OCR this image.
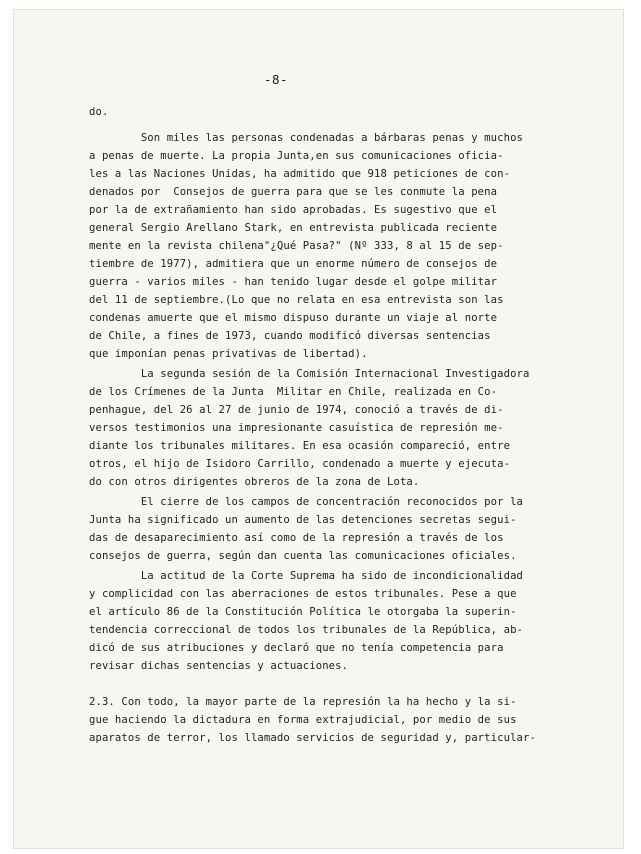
-8-
do.
Son miles las personas condenadas a bárbaras penas y muchos
a penas de muerte. La propia Junta,en sus comunicaciones oficia-
les a las Naciones Unidas, ha admitido que 918 peticiones de con-
denados por  Consejos de guerra para que se les conmute la pena
por la de extrañamiento han sido aprobadas. Es sugestivo que el
general Sergio Arellano Stark, en entrevista publicada reciente
mente en la revista chilena"¿Qué Pasa?" (Nº 333, 8 al 15 de sep-
tiembre de 1977), admitiera que un enorme número de consejos de
guerra - varios miles - han tenido lugar desde el golpe militar
del 11 de septiembre.(Lo que no relata en esa entrevista son las
condenas amuerte que el mismo dispuso durante un viaje al norte
de Chile, a fines de 1973, cuando modificó diversas sentencias
que imponían penas privativas de libertad).
La segunda sesión de la Comisión Internacional Investigadora
de los Crímenes de la Junta  Militar en Chile, realizada en Co-
penhague, del 26 al 27 de junio de 1974, conoció a través de di-
versos testimonios una impresionante casuística de represión me-
diante los tribunales militares. En esa ocasión compareció, entre
otros, el hijo de Isidoro Carrillo, condenado a muerte y ejecuta-
do con otros dirigentes obreros de la zona de Lota.
El cierre de los campos de concentración reconocidos por la
Junta ha significado un aumento de las detenciones secretas segui-
das de desaparecimiento así como de la represión a través de los
consejos de guerra, según dan cuenta las comunicaciones oficiales.
La actitud de la Corte Suprema ha sido de incondicionalidad
y complicidad con las aberraciones de estos tribunales. Pese a que
el artículo 86 de la Constitución Política le otorgaba la superin-
tendencia correccional de todos los tribunales de la República, ab-
dicó de sus atribuciones y declaró que no tenía competencia para
revisar dichas sentencias y actuaciones.
2.3. Con todo, la mayor parte de la represión la ha hecho y la si-
gue haciendo la dictadura en forma extrajudicial, por medio de sus
aparatos de terror, los llamado servicios de seguridad y, particular-
